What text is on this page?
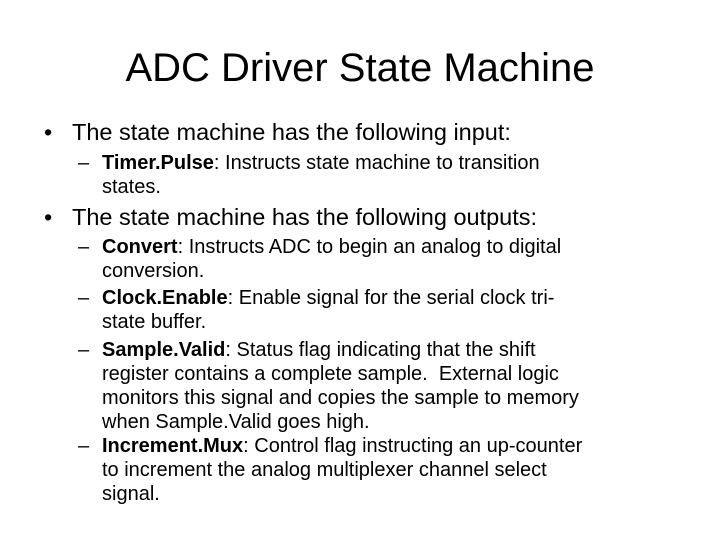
ADC Driver State Machine
• The state machine has the following input:
– Timer.Pulse: Instructs state machine to transition
states.
• The state machine has the following outputs:
– Convert: Instructs ADC to begin an analog to digital
conversion.
– Clock.Enable: Enable signal for the serial clock tri-
state buffer.
– Sample.Valid: Status flag indicating that the shift
register contains a complete sample.  External logic
monitors this signal and copies the sample to memory
when Sample.Valid goes high.
– Increment.Mux: Control flag instructing an up-counter
to increment the analog multiplexer channel select
signal.
